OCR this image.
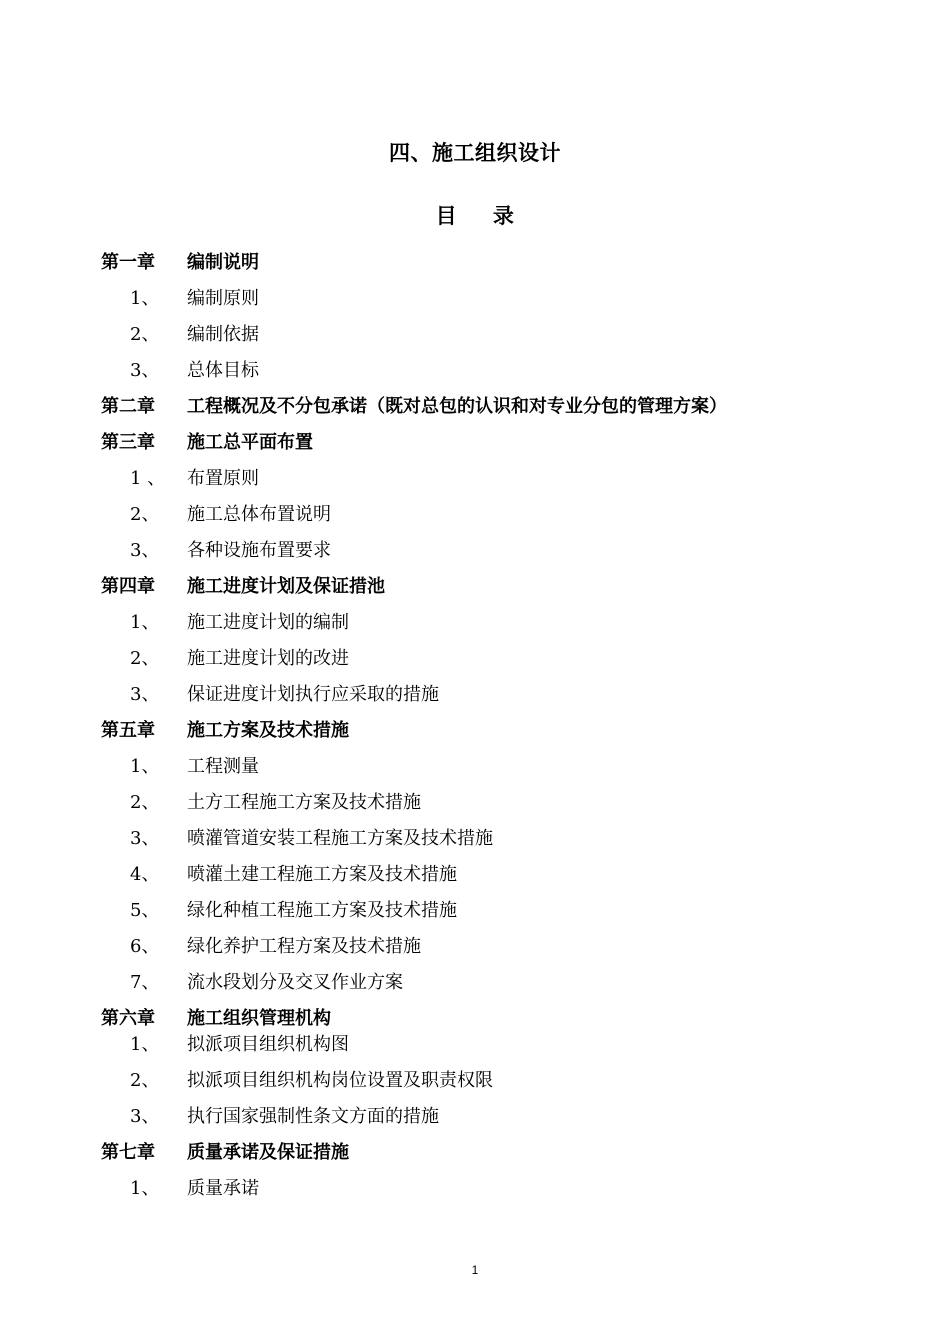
四、施工组织设计
目 录
第一章 编制说明
1、 编制原则
2、 编制依据
3、 总体目标
第二章 工程概况及不分包承诺（既对总包的认识和对专业分包的管理方案）
第三章 施工总平面布置
1 、 布置原则
2、 施工总体布置说明
3、 各种设施布置要求
第四章 施工进度计划及保证措池
1、 施工进度计划的编制
2、 施工进度计划的改进
3、 保证进度计划执行应采取的措施
第五章 施工方案及技术措施
1、 工程测量
2、 土方工程施工方案及技术措施
3、 喷灌管道安装工程施工方案及技术措施
4、 喷灌土建工程施工方案及技术措施
5、 绿化种植工程施工方案及技术措施
6、 绿化养护工程方案及技术措施
7、 流水段划分及交叉作业方案
第六章 施工组织管理机构
1、 拟派项目组织机构图
2、 拟派项目组织机构岗位设置及职责权限
3、 执行国家强制性条文方面的措施
第七章 质量承诺及保证措施
1、 质量承诺
1
